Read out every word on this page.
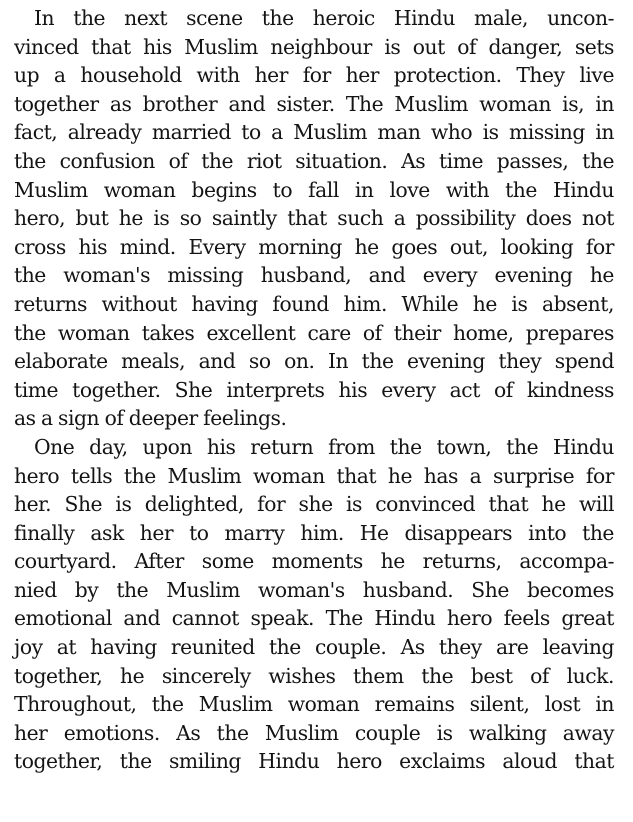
In the next scene the heroic Hindu male, uncon-
vinced that his Muslim neighbour is out of danger, sets
up a household with her for her protection. They live
together as brother and sister. The Muslim woman is, in
fact, already married to a Muslim man who is missing in
the confusion of the riot situation. As time passes, the
Muslim woman begins to fall in love with the Hindu
hero, but he is so saintly that such a possibility does not
cross his mind. Every morning he goes out, looking for
the woman's missing husband, and every evening he
returns without having found him. While he is absent,
the woman takes excellent care of their home, prepares
elaborate meals, and so on. In the evening they spend
time together. She interprets his every act of kindness
as a sign of deeper feelings.
One day, upon his return from the town, the Hindu
hero tells the Muslim woman that he has a surprise for
her. She is delighted, for she is convinced that he will
finally ask her to marry him. He disappears into the
courtyard. After some moments he returns, accompa-
nied by the Muslim woman's husband. She becomes
emotional and cannot speak. The Hindu hero feels great
joy at having reunited the couple. As they are leaving
together, he sincerely wishes them the best of luck.
Throughout, the Muslim woman remains silent, lost in
her emotions. As the Muslim couple is walking away
together, the smiling Hindu hero exclaims aloud that
